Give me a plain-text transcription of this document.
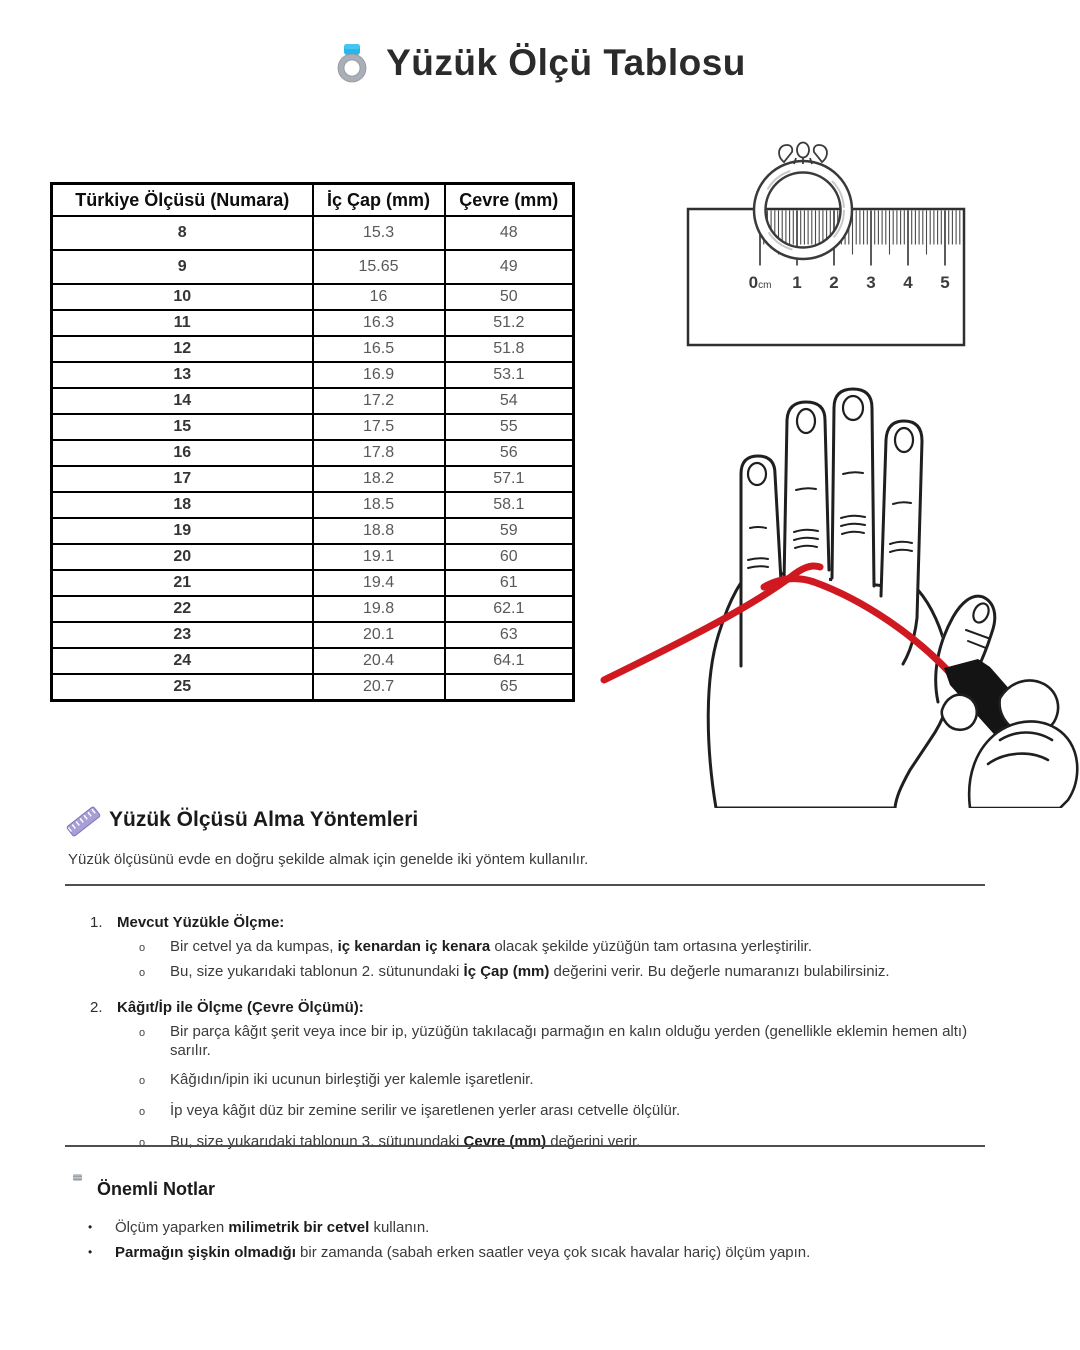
Yüzük Ölçü Tablosu
Türkiye Ölçüsü (Numara)	İç Çap (mm)	Çevre (mm)
8	15.3	48
9	15.65	49
10	16	50
11	16.3	51.2
12	16.5	51.8
13	16.9	53.1
14	17.2	54
15	17.5	55
16	17.8	56
17	18.2	57.1
18	18.5	58.1
19	18.8	59
20	19.1	60
21	19.4	61
22	19.8	62.1
23	20.1	63
24	20.4	64.1
25	20.7	65
0cm 1 2 3 4 5
Yüzük Ölçüsü Alma Yöntemleri
Yüzük ölçüsünü evde en doğru şekilde almak için genelde iki yöntem kullanılır.
1. Mevcut Yüzükle Ölçme:
o	Bir cetvel ya da kumpas, iç kenardan iç kenara olacak şekilde yüzüğün tam ortasına yerleştirilir.
o	Bu, size yukarıdaki tablonun 2. sütunundaki İç Çap (mm) değerini verir. Bu değerle numaranızı bulabilirsiniz.
2. Kâğıt/İp ile Ölçme (Çevre Ölçümü):
o	Bir parça kâğıt şerit veya ince bir ip, yüzüğün takılacağı parmağın en kalın olduğu yerden (genellikle eklemin hemen altı) sarılır.
o	Kâğıdın/ipin iki ucunun birleştiği yer kalemle işaretlenir.
o	İp veya kâğıt düz bir zemine serilir ve işaretlenen yerler arası cetvelle ölçülür.
o	Bu, size yukarıdaki tablonun 3. sütunundaki Çevre (mm) değerini verir.
Önemli Notlar
•	Ölçüm yaparken milimetrik bir cetvel kullanın.
•	Parmağın şişkin olmadığı bir zamanda (sabah erken saatler veya çok sıcak havalar hariç) ölçüm yapın.
